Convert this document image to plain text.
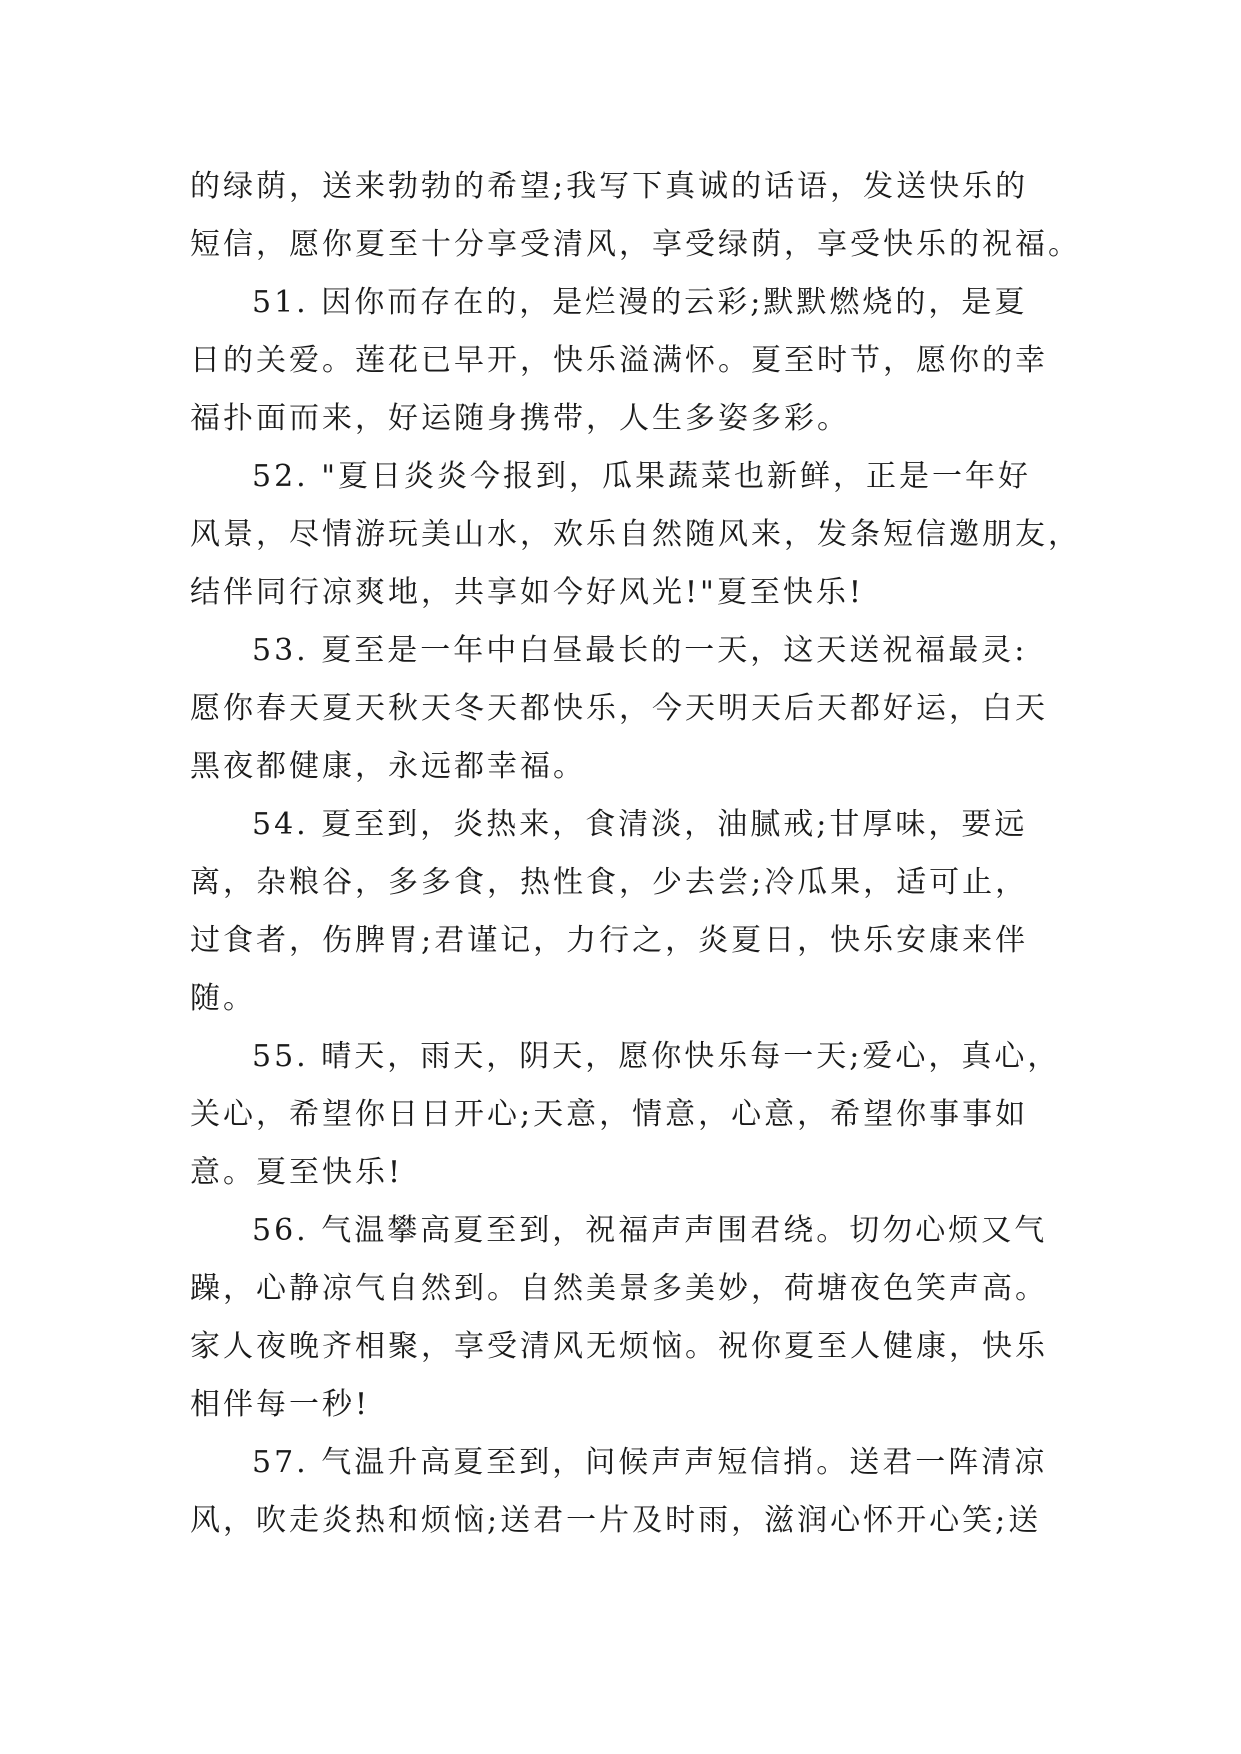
的绿荫，送来勃勃的希望;我写下真诚的话语，发送快乐的
短信，愿你夏至十分享受清风，享受绿荫，享受快乐的祝福。
51. 因你而存在的，是烂漫的云彩;默默燃烧的，是夏
日的关爱。莲花已早开，快乐溢满怀。夏至时节，愿你的幸
福扑面而来，好运随身携带，人生多姿多彩。
52. "夏日炎炎今报到，瓜果蔬菜也新鲜，正是一年好
风景，尽情游玩美山水，欢乐自然随风来，发条短信邀朋友，
结伴同行凉爽地，共享如今好风光!"夏至快乐!
53. 夏至是一年中白昼最长的一天，这天送祝福最灵:
愿你春天夏天秋天冬天都快乐，今天明天后天都好运，白天
黑夜都健康，永远都幸福。
54. 夏至到，炎热来，食清淡，油腻戒;甘厚味，要远
离，杂粮谷，多多食，热性食，少去尝;冷瓜果，适可止，
过食者，伤脾胃;君谨记，力行之，炎夏日，快乐安康来伴
随。
55. 晴天，雨天，阴天，愿你快乐每一天;爱心，真心，
关心，希望你日日开心;天意，情意，心意，希望你事事如
意。夏至快乐!
56. 气温攀高夏至到，祝福声声围君绕。切勿心烦又气
躁，心静凉气自然到。自然美景多美妙，荷塘夜色笑声高。
家人夜晚齐相聚，享受清风无烦恼。祝你夏至人健康，快乐
相伴每一秒!
57. 气温升高夏至到，问候声声短信捎。送君一阵清凉
风，吹走炎热和烦恼;送君一片及时雨，滋润心怀开心笑;送
